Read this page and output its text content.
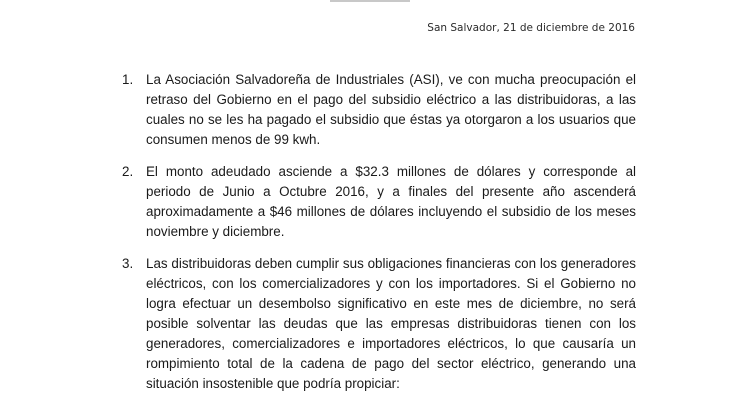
San Salvador, 21 de diciembre de 2016
1. La Asociación Salvadoreña de Industriales (ASI), ve con mucha preocupación el retraso del Gobierno en el pago del subsidio eléctrico a las distribuidoras, a las cuales no se les ha pagado el subsidio que éstas ya otorgaron a los usuarios que consumen menos de 99 kwh.
2. El monto adeudado asciende a $32.3 millones de dólares y corresponde al periodo de Junio a Octubre 2016, y a finales del presente año ascenderá aproximadamente a $46 millones de dólares incluyendo el subsidio de los meses noviembre y diciembre.
3. Las distribuidoras deben cumplir sus obligaciones financieras con los generadores eléctricos, con los comercializadores y con los importadores. Si el Gobierno no logra efectuar un desembolso significativo en este mes de diciembre, no será posible solventar las deudas que las empresas distribuidoras tienen con los generadores, comercializadores e importadores eléctricos, lo que causaría un rompimiento total de la cadena de pago del sector eléctrico, generando una situación insostenible que podría propiciar:
